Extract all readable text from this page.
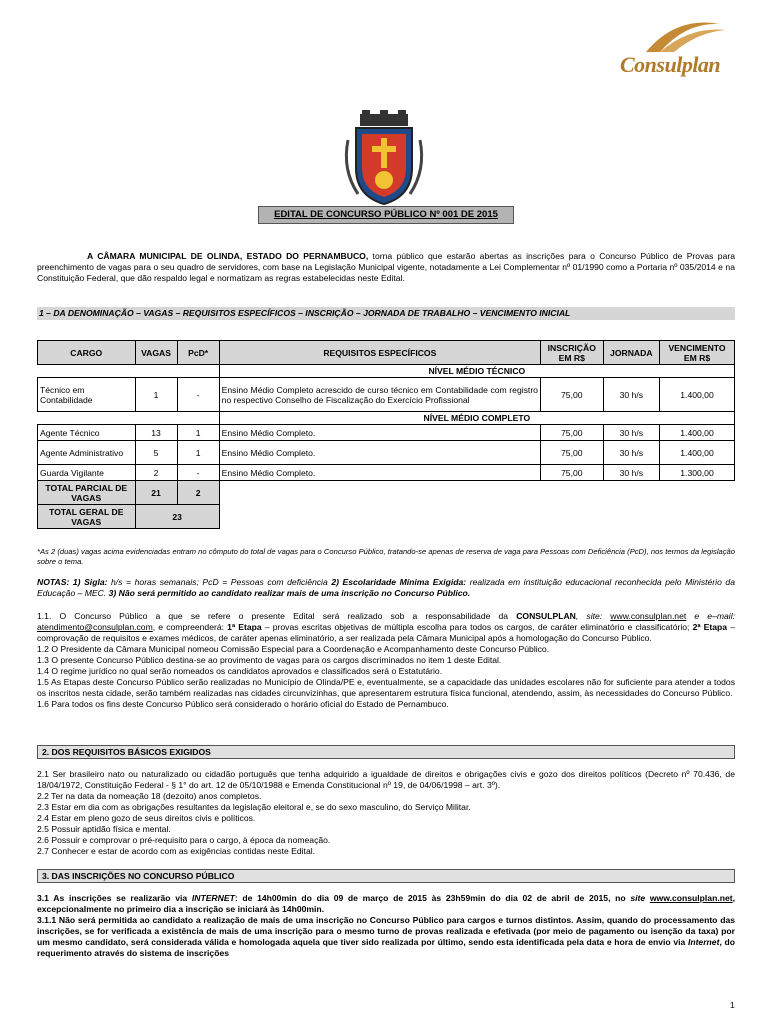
Consulplan
EDITAL DE CONCURSO PÚBLICO Nº 001 DE 2015
A CÂMARA MUNICIPAL DE OLINDA, ESTADO DO PERNAMBUCO, torna público que estarão abertas as inscrições para o Concurso Público de Provas para preenchimento de vagas para o seu quadro de servidores, com base na Legislação Municipal vigente, notadamente a Lei Complementar nº 01/1990 como a Portaria nº 035/2014 e na Constituição Federal, que dão respaldo legal e normatizam as regras estabelecidas neste Edital.
1 – DA DENOMINAÇÃO – VAGAS – REQUISITOS ESPECÍFICOS – INSCRIÇÃO – JORNADA DE TRABALHO – VENCIMENTO INICIAL
CARGO	VAGAS	PcD*	REQUISITOS ESPECÍFICOS	INSCRIÇÃO EM R$	JORNADA	VENCIMENTO EM R$
			NÍVEL MÉDIO TÉCNICO			
Técnico em Contabilidade	1	-	Ensino Médio Completo acrescido de curso técnico em Contabilidade com registro no respectivo Conselho de Fiscalização do Exercício Profissional	75,00	30 h/s	1.400,00
			NÍVEL MÉDIO COMPLETO			
Agente Técnico	13	1	Ensino Médio Completo.	75,00	30 h/s	1.400,00
Agente Administrativo	5	1	Ensino Médio Completo.	75,00	30 h/s	1.400,00
Guarda Vigilante	2	-	Ensino Médio Completo.	75,00	30 h/s	1.300,00
TOTAL PARCIAL DE VAGAS	21	2				
TOTAL GERAL DE VAGAS	23					
*As 2 (duas) vagas acima evidenciadas entram no cômputo do total de vagas para o Concurso Público, tratando-se apenas de reserva de vaga para Pessoas com Deficiência (PcD), nos termos da legislação sobre o tema.
NOTAS: 1) Sigla: h/s = horas semanais; PcD = Pessoas com deficiência 2) Escolaridade Mínima Exigida: realizada em instituição educacional reconhecida pelo Ministério da Educação – MEC. 3) Não será permitido ao candidato realizar mais de uma inscrição no Concurso Público.
1.1. O Concurso Público a que se refere o presente Edital será realizado sob a responsabilidade da CONSULPLAN, site: www.consulplan.net e e–mail: atendimento@consulplan.com, e compreenderá: 1ª Etapa – provas escritas objetivas de múltipla escolha para todos os cargos, de caráter eliminatório e classificatório; 2ª Etapa – comprovação de requisitos e exames médicos, de caráter apenas eliminatório, a ser realizada pela Câmara Municipal após a homologação do Concurso Público.
1.2 O Presidente da Câmara Municipal nomeou Comissão Especial para a Coordenação e Acompanhamento deste Concurso Público.
1.3 O presente Concurso Público destina-se ao provimento de vagas para os cargos discriminados no item 1 deste Edital.
1.4 O regime jurídico no qual serão nomeados os candidatos aprovados e classificados será o Estatutário.
1.5 As Etapas deste Concurso Público serão realizadas no Município de Olinda/PE e, eventualmente, se a capacidade das unidades escolares não for suficiente para atender a todos os inscritos nesta cidade, serão também realizadas nas cidades circunvizinhas, que apresentarem estrutura física funcional, atendendo, assim, às necessidades do Concurso Público.
1.6 Para todos os fins deste Concurso Público será considerado o horário oficial do Estado de Pernambuco.
2. DOS REQUISITOS BÁSICOS EXIGIDOS
2.1 Ser brasileiro nato ou naturalizado ou cidadão português que tenha adquirido a igualdade de direitos e obrigações civis e gozo dos direitos políticos (Decreto nº 70.436, de 18/04/1972, Constituição Federal - § 1° do art. 12 de 05/10/1988 e Emenda Constitucional nº 19, de 04/06/1998 – art. 3º).
2.2 Ter na data da nomeação 18 (dezoito) anos completos.
2.3 Estar em dia com as obrigações resultantes da legislação eleitoral e, se do sexo masculino, do Serviço Militar.
2.4 Estar em pleno gozo de seus direitos civis e políticos.
2.5 Possuir aptidão física e mental.
2.6 Possuir e comprovar o pré-requisito para o cargo, à época da nomeação.
2.7 Conhecer e estar de acordo com as exigências contidas neste Edital.
3. DAS INSCRIÇÕES NO CONCURSO PÚBLICO
3.1 As inscrições se realizarão via INTERNET: de 14h00min do dia 09 de março de 2015 às 23h59min do dia 02 de abril de 2015, no site www.consulplan.net, excepcionalmente no primeiro dia a inscrição se iniciará às 14h00min.
3.1.1 Não será permitida ao candidato a realização de mais de uma inscrição no Concurso Público para cargos e turnos distintos. Assim, quando do processamento das inscrições, se for verificada a existência de mais de uma inscrição para o mesmo turno de provas realizada e efetivada (por meio de pagamento ou isenção da taxa) por um mesmo candidato, será considerada válida e homologada aquela que tiver sido realizada por último, sendo esta identificada pela data e hora de envio via Internet, do requerimento através do sistema de inscrições
1
